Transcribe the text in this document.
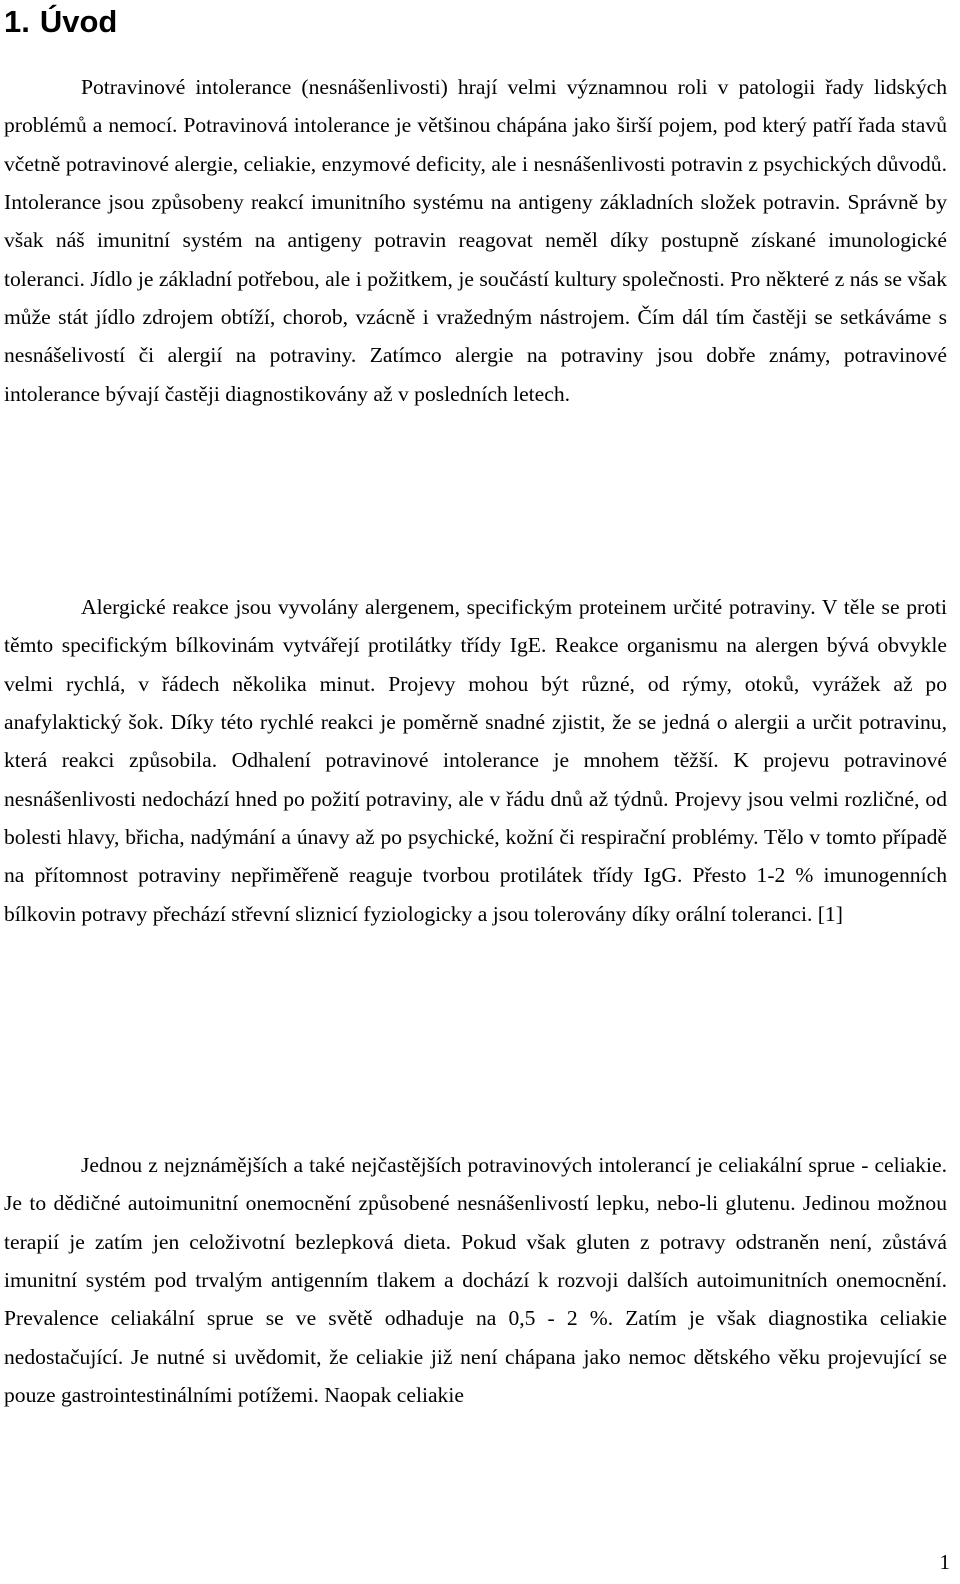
1. Úvod

Potravinové intolerance (nesnášenlivosti) hrají velmi významnou roli v patologii řady lidských problémů a nemocí. Potravinová intolerance je většinou chápána jako širší pojem, pod který patří řada stavů včetně potravinové alergie, celiakie, enzymové deficity, ale i nesnášenlivosti potravin z psychických důvodů. Intolerance jsou způsobeny reakcí imunitního systému na antigeny základních složek potravin. Správně by však náš imunitní systém na antigeny potravin reagovat neměl díky postupně získané imunologické toleranci. Jídlo je základní potřebou, ale i požitkem, je součástí kultury společnosti. Pro některé z nás se však může stát jídlo zdrojem obtíží, chorob, vzácně i vražedným nástrojem. Čím dál tím častěji se setkáváme s nesnášelivostí či alergií na potraviny. Zatímco alergie na potraviny jsou dobře známy, potravinové intolerance bývají častěji diagnostikovány až v posledních letech.

Alergické reakce jsou vyvolány alergenem, specifickým proteinem určité potraviny. V těle se proti těmto specifickým bílkovinám vytvářejí protilátky třídy IgE. Reakce organismu na alergen bývá obvykle velmi rychlá, v řádech několika minut. Projevy mohou být různé, od rýmy, otoků, vyrážek až po anafylaktický šok. Díky této rychlé reakci je poměrně snadné zjistit, že se jedná o alergii a určit potravinu, která reakci způsobila. Odhalení potravinové intolerance je mnohem těžší. K projevu potravinové nesnášenlivosti nedochází hned po požití potraviny, ale v řádu dnů až týdnů. Projevy jsou velmi rozličné, od bolesti hlavy, břicha, nadýmání a únavy až po psychické, kožní či respirační problémy. Tělo v tomto případě na přítomnost potraviny nepřiměřeně reaguje tvorbou protilátek třídy IgG. Přesto 1-2 % imunogenních bílkovin potravy přechází střevní sliznicí fyziologicky a jsou tolerovány díky orální toleranci. [1]

Jednou z nejznámějších a také nejčastějších potravinových intolerancí je celiakální sprue - celiakie. Je to dědičné autoimunitní onemocnění způsobené nesnášenlivostí lepku, nebo-li glutenu. Jedinou možnou terapií je zatím jen celoživotní bezlepková dieta. Pokud však gluten z potravy odstraněn není, zůstává imunitní systém pod trvalým antigenním tlakem a dochází k rozvoji dalších autoimunitních onemocnění. Prevalence celiakální sprue se ve světě odhaduje na 0,5 - 2 %. Zatím je však diagnostika celiakie nedostačující. Je nutné si uvědomit, že celiakie již není chápana jako nemoc dětského věku projevující se pouze gastrointestinálními potížemi. Naopak celiakie

1
